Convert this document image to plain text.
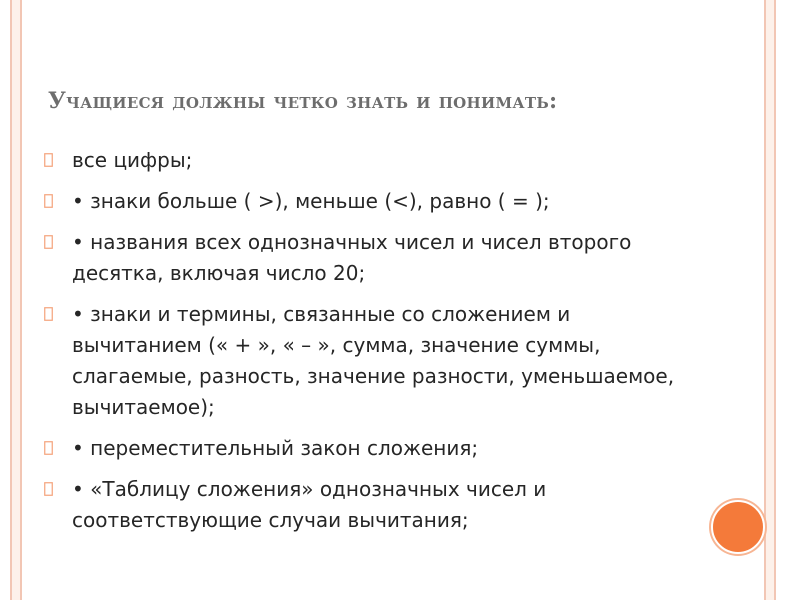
Учащиеся должны четко знать и понимать:
все цифры;
• знаки больше ( >), меньше (<), равно ( = );
• названия всех однозначных чисел и чисел второго десятка, включая число 20;
• знаки и термины, связанные со сложением и вычитанием (« + », « – », сумма, значение суммы, слагаемые, разность, значение разности, уменьшаемое, вычитаемое);
• переместительный закон сложения;
• «Таблицу сложения» однозначных чисел и соответствующие случаи вычитания;
